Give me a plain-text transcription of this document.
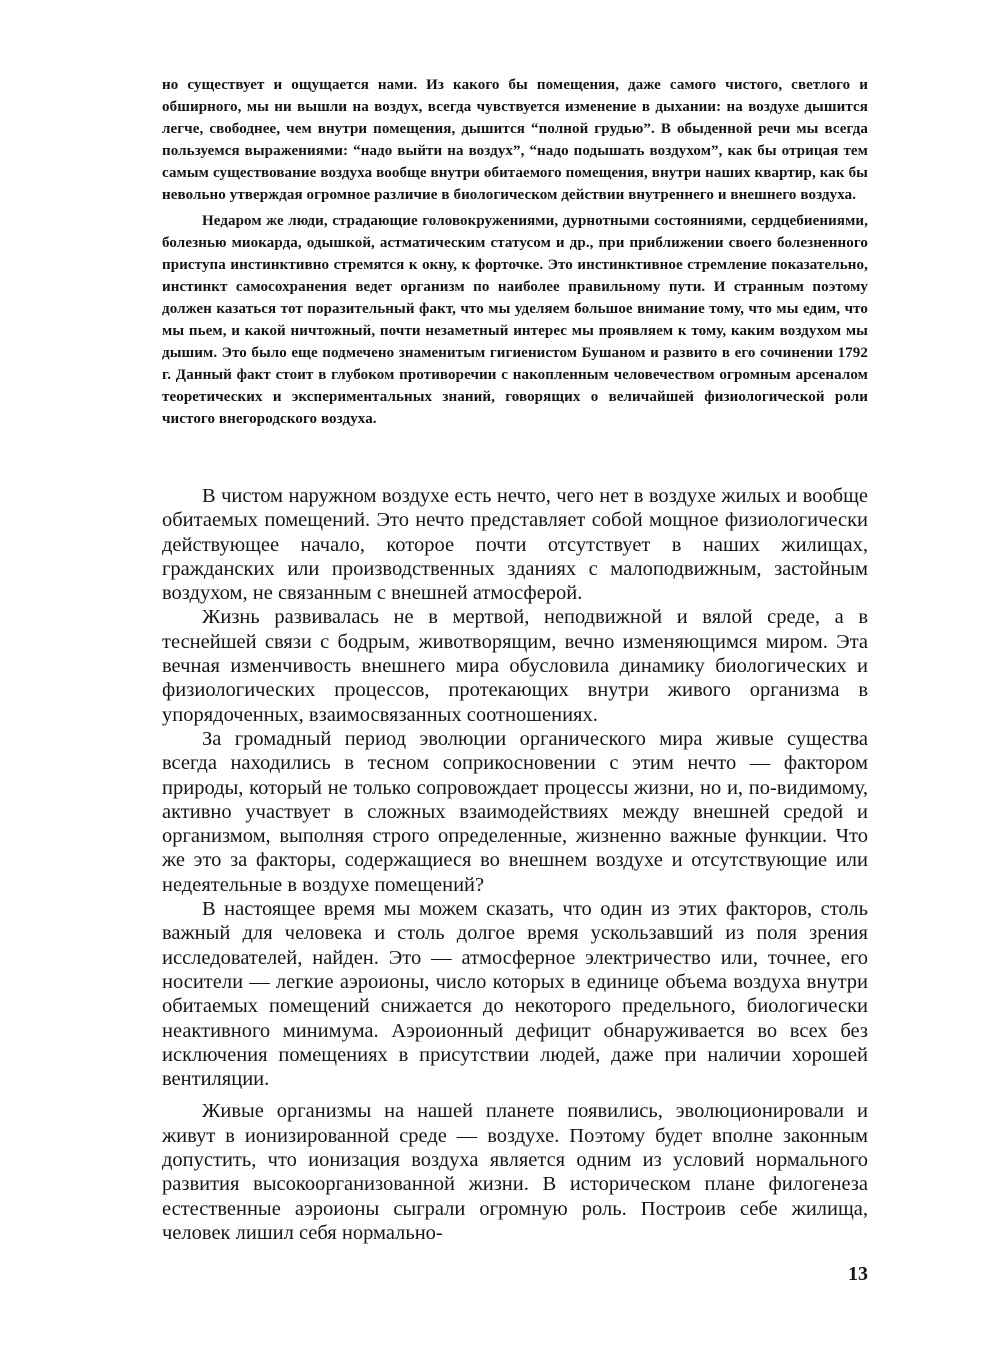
но существует и ощущается нами. Из какого бы помещения, даже самого чистого, светлого и обширного, мы ни вышли на воздух, всегда чувствуется изменение в дыхании: на воздухе дышится легче, свободнее, чем внутри помещения, дышится “полной грудью”. В обыденной речи мы всегда пользуемся выражениями: “надо выйти на воздух”, “надо подышать воздухом”, как бы отрицая тем самым существование воздуха вообще внутри обитаемого помещения, внутри наших квартир, как бы невольно утверждая огромное различие в биологическом действии внутреннего и внешнего воздуха.

Недаром же люди, страдающие головокружениями, дурнотными состояниями, сердцебиениями, болезнью миокарда, одышкой, астматическим статусом и др., при приближении своего болезненного приступа инстинктивно стремятся к окну, к форточке. Это инстинктивное стремление показательно, инстинкт самосохранения ведет организм по наиболее правильному пути. И странным поэтому должен казаться тот поразительный факт, что мы уделяем большое внимание тому, что мы едим, что мы пьем, и какой ничтожный, почти незаметный интерес мы проявляем к тому, каким воздухом мы дышим. Это было еще подмечено знаменитым гигиенистом Бушаном и развито в его сочинении 1792 г. Данный факт стоит в глубоком противоречии с накопленным человечеством огромным арсеналом теоретических и экспериментальных знаний, говорящих о величайшей физиологической роли чистого внегородского воздуха.

В чистом наружном воздухе есть нечто, чего нет в воздухе жилых и вообще обитаемых помещений. Это нечто представляет собой мощное физиологически действующее начало, которое почти отсутствует в наших жилищах, гражданских или производственных зданиях с малоподвижным, застойным воздухом, не связанным с внешней атмосферой.

Жизнь развивалась не в мертвой, неподвижной и вялой среде, а в теснейшей связи с бодрым, животворящим, вечно изменяющимся миром. Эта вечная изменчивость внешнего мира обусловила динамику биологических и физиологических процессов, протекающих внутри живого организма в упорядоченных, взаимосвязанных соотношениях.

За громадный период эволюции органического мира живые существа всегда находились в тесном соприкосновении с этим нечто — фактором природы, который не только сопровождает процессы жизни, но и, по-видимому, активно участвует в сложных взаимодействиях между внешней средой и организмом, выполняя строго определенные, жизненно важные функции. Что же это за факторы, содержащиеся во внешнем воздухе и отсутствующие или недеятельные в воздухе помещений?

В настоящее время мы можем сказать, что один из этих факторов, столь важный для человека и столь долгое время ускользавший из поля зрения исследователей, найден. Это — атмосферное электричество или, точнее, его носители — легкие аэроионы, число которых в единице объема воздуха внутри обитаемых помещений снижается до некоторого предельного, биологически неактивного минимума. Аэроионный дефицит обнаруживается во всех без исключения помещениях в присутствии людей, даже при наличии хорошей вентиляции.

Живые организмы на нашей планете появились, эволюционировали и живут в ионизированной среде — воздухе. Поэтому будет вполне законным допустить, что ионизация воздуха является одним из условий нормального развития высокоорганизованной жизни. В историческом плане филогенеза естественные аэроионы сыграли огромную роль. Построив себе жилища, человек лишил себя нормально-

13
